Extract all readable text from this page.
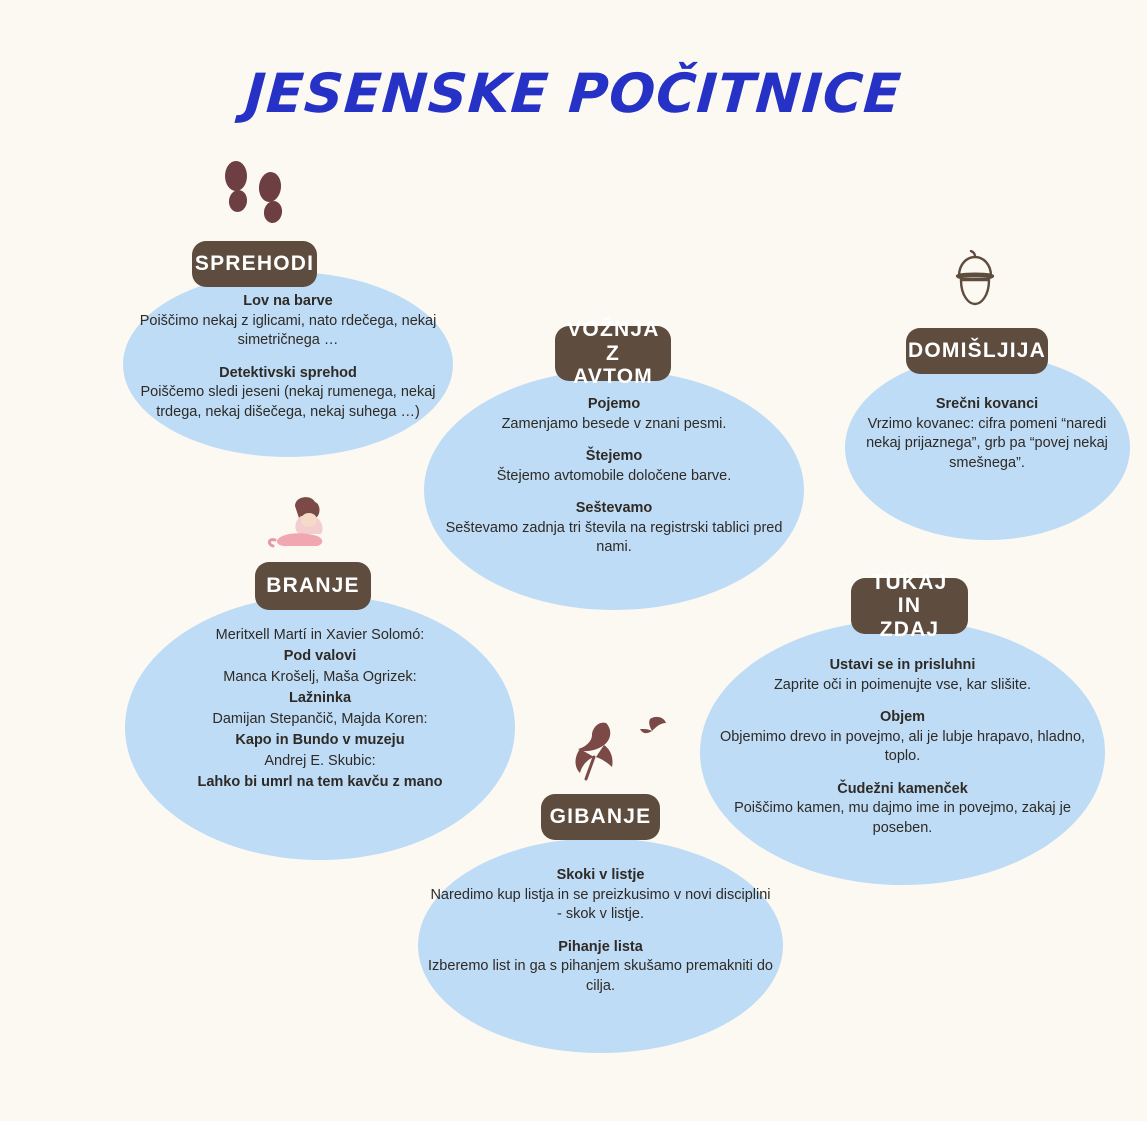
JESENSKE POČITNICE
Lov na barve
Poiščimo nekaj z iglicami, nato rdečega, nekaj simetričnega …
Detektivski sprehod
Poiščemo sledi jeseni (nekaj rumenega, nekaj trdega, nekaj dišečega, nekaj suhega …)
SPREHODI
Pojemo
Zamenjamo besede v znani pesmi.
Štejemo
Štejemo avtomobile določene barve.
Seštevamo
Seštevamo zadnja tri števila na registrski tablici pred nami.
VOŽNJA Z AVTOM
Srečni kovanci
Vrzimo kovanec: cifra pomeni “naredi nekaj prijaznega”, grb pa “povej nekaj smešnega”.
DOMIŠLJIJA
Meritxell Martí in Xavier Solomó:
Pod valovi
Manca Krošelj, Maša Ogrizek:
Lažninka
Damijan Stepančič, Majda Koren:
Kapo in Bundo v muzeju
Andrej E. Skubic:
Lahko bi umrl na tem kavču z mano
BRANJE
Ustavi se in prisluhni
Zaprite oči in poimenujte vse, kar slišite.
Objem
Objemimo drevo in povejmo, ali je lubje hrapavo, hladno, toplo.
Čudežni kamenček
Poiščimo kamen, mu dajmo ime in povejmo, zakaj je poseben.
TUKAJ IN ZDAJ
Skoki v listje
Naredimo kup listja in se preizkusimo v novi disciplini - skok v listje.
Pihanje lista
Izberemo list in ga s pihanjem skušamo premakniti do cilja.
GIBANJE
